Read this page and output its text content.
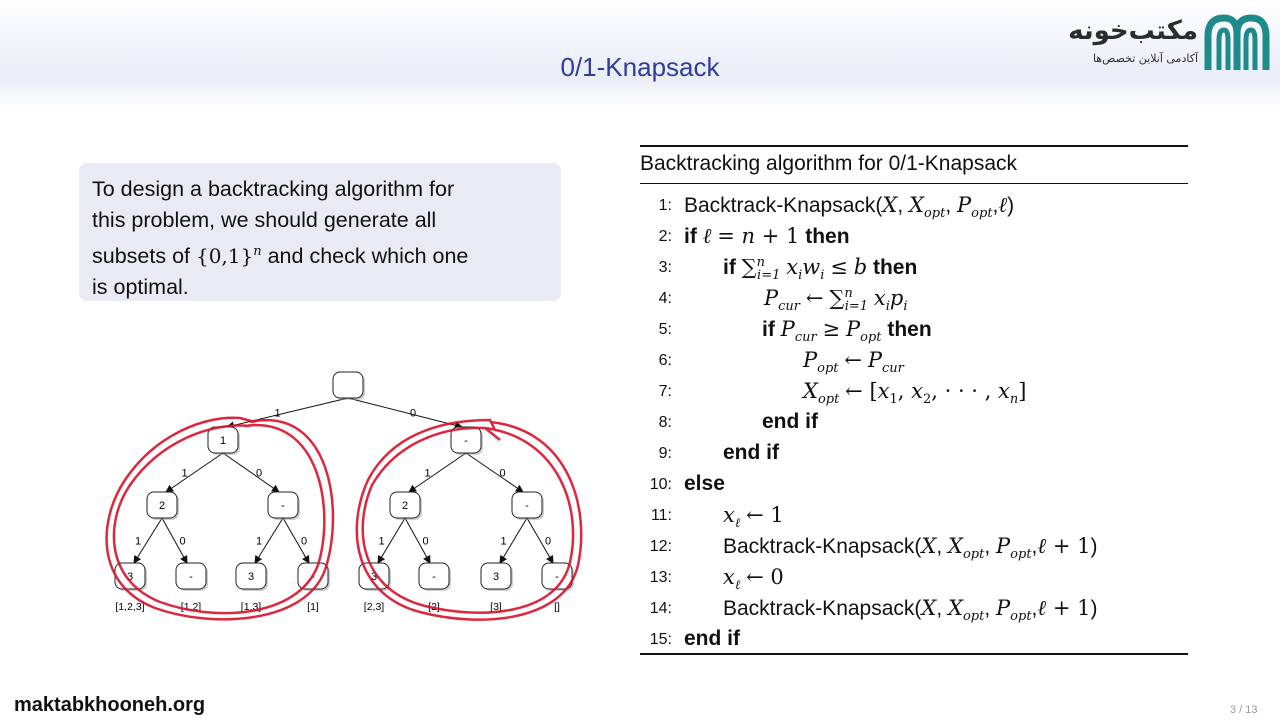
0/1-Knapsack
مکتب‌خونه
آکادمی آنلاین تخصص‌ها
To design a backtracking algorithm for
this problem, we should generate all
subsets of $\{0,1\}^n$ and check which one
is optimal.
Backtracking algorithm for 0/1-Knapsack
1: Backtrack-Knapsack(X, $X_{opt}$, $P_{opt},\ell$)
2: if ℓ = n + 1 then
3: if ∑$^n_{i=1}$ $x_iw_i \le b$ then
4:	$P_{cur}$ ← ∑$^n_{i=1}$ $x_ip_i$
5:	if $P_{cur} \ge P_{opt}$ then
6:	$P_{opt}$ ← $P_{cur}$
7:	$X_{opt}$ ← [$x_1$, $x_2$, · · · , $x_n$]
8:	end if
9: end if
10: else
11: $x_\ell$ ← 1
12: Backtrack-Knapsack(X, $X_{opt}$, $P_{opt},\ell + 1$)
13: $x_\ell$ ← 0
14: Backtrack-Knapsack(X, $X_{opt}$, $P_{opt},\ell + 1$)
15: end if
1	0
1	0	1	0
1	0	1	0	1	0	1	0
1	-
2	-	2	-
3	-	3	-	3	-	3	-
[1,2,3]	[1,2]	[1,3]	[1]	[2,3]	[2]	[3]	[]
maktabkhooneh.org	3 / 13
